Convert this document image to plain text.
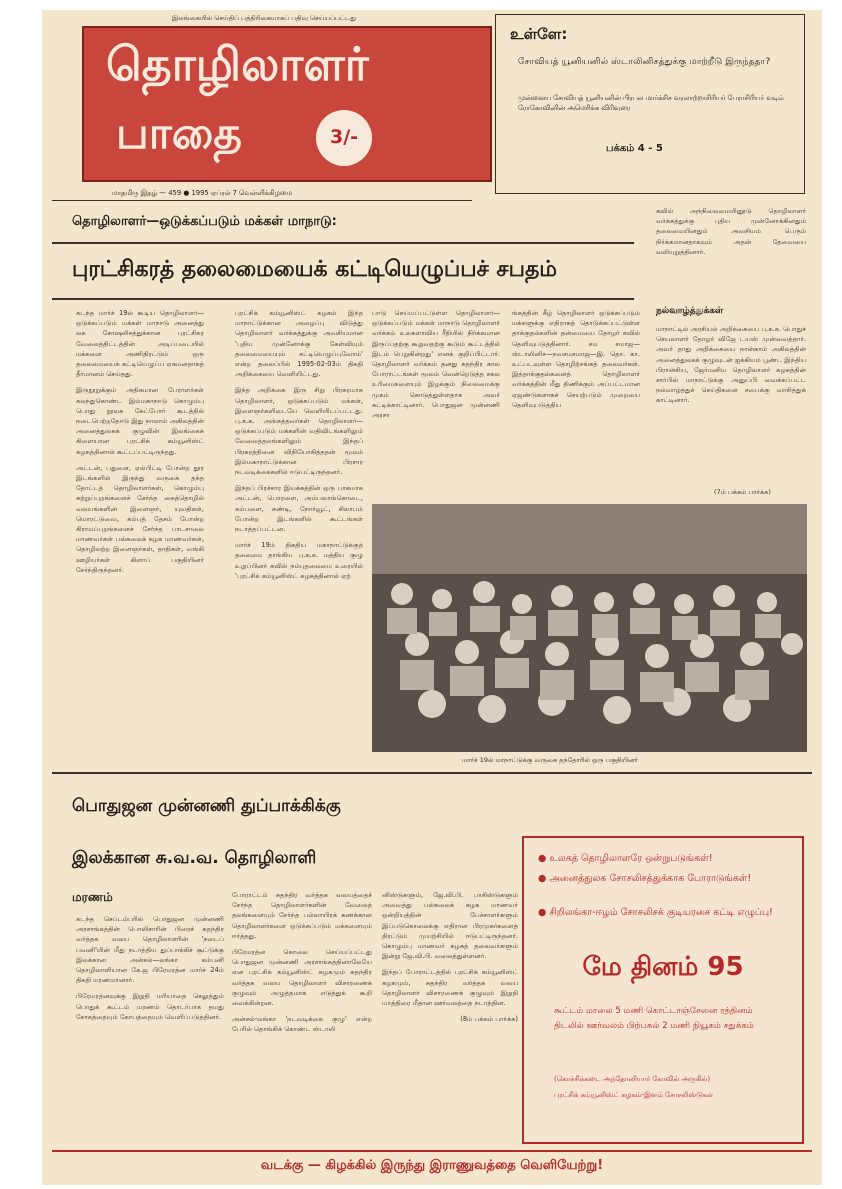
இலங்கையில் செய்திப் பத்திரிகையாகப் பதிவு செய்யப்பட்டது
தொழிலாளர்
பாதை	3/-
மாதமிரு இதழ் — 459 ● 1995 ஏப்ரல் 7 வெள்ளிக்கிழமை
உள்ளே:
சோவியத் யூனியனில் ஸ்டாலினிசத்துக்கு மாற்றீடு இருந்ததா?
முன்னைய சோவியத் யூனியனின் பிரபல மார்க்சிச வரலாற்றாசிரியர் பேராசிரியர் வடிம் ரோகோவினின் அமெரிக்க விரிவுரை
பக்கம் 4 - 5
தொழிலாளர்—ஒடுக்கப்படும் மக்கள் மாநாடு:
புரட்சிகரத் தலைமையைக் கட்டியெழுப்பச் சபதம்

கடந்த மார்ச் 19ல் கூடிய தொழிலாளர்—ஒடுக்கப்படும் மக்கள் மாநாடு அனைத்து லக சோஷலிசத்துக்கான புரட்சிகர வேலைத்திட்டத்தின் அடிப்படையில் மக்களை அணிதிரட்டும் ஒரு தலைமையைக் கட்டியெழுப்ப ஏகமனதாகத் தீர்மானம் செய்தது.

இருநூறுக்கும் அதிகமான பேராளர்கள் கலந்துகொண்ட இம்மகாநாடு கொழும்பு பொது நூலக கேட்போர் கூடத்தில் நடைபெற்றதோடு இது நாலாம் அகிலத்தின் அனைத்துலகக் குழுவின் இலங்கைக் கிளையான புரட்சிக் கம்யூனிஸ்ட் கழகத்தினால் கூட்டப்பட்டிருந்தது.

அட்டன், பதுளை, ஏல்பிட்டி போன்ற தூர இடங்களில் இருந்து வருகை தந்த தோட்டத் தொழிலாளர்கள், கொழும்பு சுற்றுப்புறங்களைச் சேர்ந்த கைத்தொழில் வலயங்களின் இளைஞர், யுவதிகள், மொரட்டுவை, கம்புத் தேசம் போன்ற கிராமப்புறங்களைச் சேர்ந்த பாடசாலை மாணவர்கள் பல்கலைக் கழக மாணவர்கள், தொழிலற்ற இளைஞர்கள், தாதிகள், வங்கி ஊழியர்கள் கிளாப் பகுதியினர் சேர்ந்திருந்தனர்.

புரட்சிக் கம்யூனிஸ்ட் கழகம் இந்த மாநாட்டுக்கான அழைப்பு விடுத்து தொழிலாளர் வர்க்கத்துக்கு அவசியமான 'புதிய முன்னோக்கு கேள்வியும் தலைமையையும் கட்டியெழுப்புவோம்' என்ற தலைப்பில் 1995-02-03ம் திகதி அறிக்கையை வெளியிட்டது.

இந்த அறிக்கை இரு சிறு பிரசுரமாக தொழிலாளர், ஒடுக்கப்படும் மக்கள், இளைஞர்களிடையே வெளியிடப்பட்டது. பு.க.க. அங்கத்தவர்கள் தொழிலாளர்—ஒடுக்கப்படும் மக்களின் வதிவிடங்களிலும் வேலைத்தலங்களிலும் இந்தப் பிரசுரத்தினை விநியோகித்ததன் மூலம் இம்மகாநாட்டுக்கான பிரசார நடவடிக்கைகளில் ஈடுபட்டிருந்தனர்.

இந்தப் பிரச்சார இயக்கத்தின் ஒரு பாகமாக அட்டன், பொரளை, அம்பலாங்கொடை, கம்பளை, கண்டி, நோர்வூட், சிலாபம் போன்ற இடங்களில் கூட்டங்கள் நடாத்தப்பட்டன.

மார்ச் 19ம் திகதிய மகாநாட்டுக்குத் தலைமை தாங்கிய பு.க.க. மத்திய குழு உறுப்பினர் கவில் நம்புதலைமை உரையில் 'புரட்சிக் கம்யூனிஸ்ட் கழகத்தினால் ஏற்

பாடு செய்யப்பட்டுள்ள தொழிலாளர்—ஒடுக்கப்படும் மக்கள் மாநாடு தொழிலாளர் வர்க்கம் உலகளாவிய ரீதியில் நிர்க்கமான இருப்பதற்கு கூறுவதற்கு கூடும் கூட்டத்தில் இடம் பெறுகின்றது' எனக் குறிப்பிட்டார். தொழிலாளர் வர்க்கம் தனது சுதந்திர கால போராட்டங்கள் மூலம் வென்றெடுத்த சகல உரிமைகளையும் இழக்கும் நிலைமைக்கு முகம் கொடுத்துள்ளதாக அவர் சுட்டிக்காட்டினார். பொதுஜன முன்னணி அரசா

ங்கத்தின் கீழ் தொழிலாளர் ஒடுக்கப்படும் மக்களுக்கு எதிராகத் தொடுக்கப்பட்டுள்ள தாக்குதல்களின் தன்மையை தோழர் கவில் தெளிவுபடுத்தினார். சம சமாஜ—ஸ்டாலினிச—நவசமசமாஜ—இ. தொ. கா. உட்படவுள்ள தொழிற்சங்கத் தலைவர்கள். இத்தாக்குதல்களைத் தொழிலாளர் வர்க்கத்தின் மீது திணிக்கும் அப்பட்டமான ஏஜண்டுகளாகச் செயற்படும் முறையை தெளிவுபடுத்திய

கவில் அந்நிலைமையினூடு தொழிலாளர் வர்க்கத்துக்கு புதிய முன்னோக்கினதும் தலைமையினதும் அவசியம் பெரும் நிர்க்கமானதாகவும் அதன் தேவையை வலியுறுத்தினார்.

நல்வாழ்த்துக்கள்

மாநாட்டில் அரசியல் அறிக்கையை பு.க.க. பொதுச் செயலாளர் தோழர் விஜே டயஸ் முன்வைத்தார். அவர் தாது அறிக்கையை நான்காம் அகிலத்தின் அனைத்துலகக் குழுவுடன் ஐக்கியம் பூண்ட இந்திய பிரான்சிய, ஜேர்மனிய தொழிலாளர் கழகத்தின் சார்பில் மாநாட்டுக்கு அனுப்பி வைக்கப்பட்ட நல்வாழ்த்துச் செய்திகளை சபைக்கு வாசித்துக் காட்டினார்.

(7ம் பக்கம் பார்க்க)
மார்ச் 19ல் மாநாட்டுக்கு வருகை தந்தோரில் ஒரு பகுதியினர்
பொதுஜன முன்னணி துப்பாக்கிக்கு
இலக்கான சு.வ.வ. தொழிலாளி
மரணம்

கடந்த செப்டம்பரில் பொதுஜன முன்னணி அரசாங்கத்தின் பொலிசாரின் பிரைச் சுதந்திர வர்த்தக வலய தொழிலாளரின் 'நடைப் பவனி'யின் மீது நடாத்திய துப்பாக்கிச் சூட்டுக்கு இலக்கான அன்சல்—லங்கா கம்பனி தொழிலாளியான கே.ஜ பிரேமரத்ன மார்ச் 24ம் திகதி மரணமானார்.

பிரேமரத்னவுக்கு இறுதி மரியாதை செலுத்தும் பொதுக் கூட்டம் மரணம் தொடர்பாக தமது சோகத்தையும் கோபத்தையும் வெளிப்படுத்தினர்.

போராட்டம் சுதந்திர வர்த்தக வலயத்தைச் சேர்ந்த தொழிலாளர்களின் வேலைத் தலங்களையும் சேர்ந்த பல்லாயிரக் கணக்கான தொழிலாளர்களை ஒடுக்கப்படும் மக்களையும் ஈர்த்தது.

பிரேமரத்ன கொலை செய்யப்பட்டது பொதுஜன முன்னணி அரசாங்கத்தினாலேயே என புரட்சிக் கம்யூனிஸ்ட் கழகமும் சுதந்திர வர்த்தக வலய தொழிலாளர் விசாரணைக் குழுவும் அழுத்தமாக எடுத்துக் கூறி வைக்கின்றன.

அன்சல்-லங்கா 'நடவடிக்கை குழு' என்ற பேரில் தொங்கிக் கொண்ட ஸ்டாலி

னிஸ்டுகளும், ஜே.வி.பி. பாசிஸ்டுகளும் அவைத்து பல்கலைக் கழக மாணவர் ஒன்றியத்தின் பேச்சாளர்களும் இப்படுகொலைக்கு எதிரான பிரமுகர்களைத் திரட்டும் முயற்சியில் ஈடுபட்டிருந்தனர். கொழும்பு மாணவர் கழகத் தலைவர்களும் இன்று ஜே.வி.பி. வலைத்துள்ளனர்.

இந்தப் போராட்டத்தில் புரட்சிக் கம்யூனிஸ்ட் கழகமும், சுதந்திர வர்த்தக வலய தொழிலாளர் விசாரணைக் குழுவும் இறுதி யாத்திரை மீதான ஊர்வலத்தை நடாத்தின.

(8ம் பக்கம் பார்க்க)

● உலகத் தொழிலாளரே ஒன்றுபடுங்கள்!
● அனைத்துலக சோசலிசத்துக்காக போராடுங்கள்!
● சிறிலங்கா-ஈழம் சோசலிசக் குடியரசை கட்டி எழுப்பு!
மே தினம் 95
கூட்டம் மாலை 5 மணி கொட்டாஞ்சேனை ரத்தினம் திடலில் ஊர்வலம் பிற்பகல் 2 மணி நியூகம் சதுக்கம்
(கொச்சிக்கடை அந்தோனியார் கோவில் அருகில்)
புரட்சிக் கம்யூனிஸ்ட் கழகம்-இளம் சோசலிஸ்டுகள்
வடக்கு — கிழக்கில் இருந்து இராணுவத்தை வெளியேற்று!
